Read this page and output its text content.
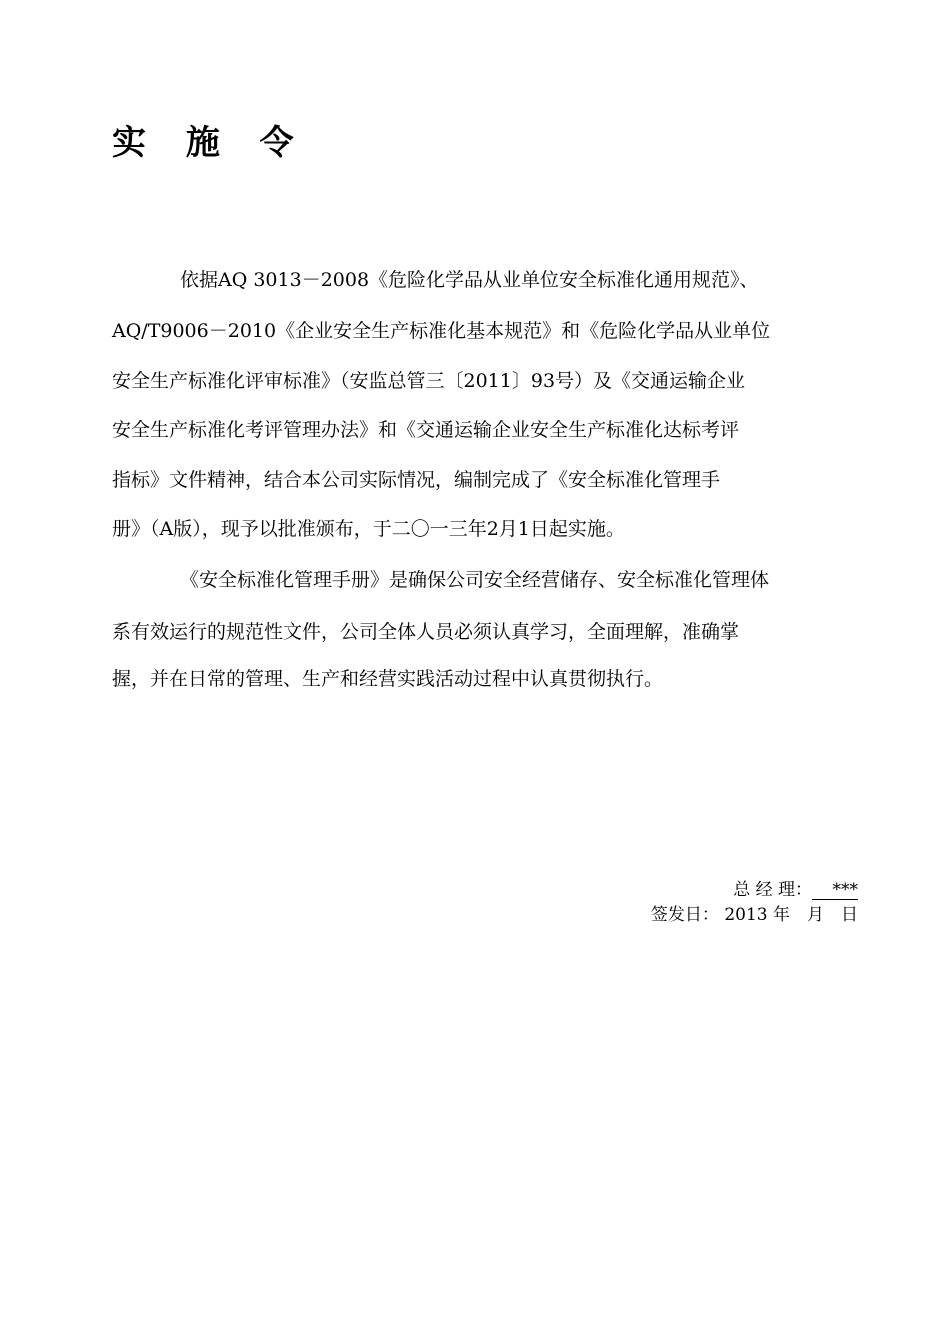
实 施 令
依据AQ 3013－2008《危险化学品从业单位安全标准化通用规范》、
AQ/T9006－2010《企业安全生产标准化基本规范》和《危险化学品从业单位
安全生产标准化评审标准》（安监总管三〔2011〕93号）及《交通运输企业
安全生产标准化考评管理办法》和《交通运输企业安全生产标准化达标考评
指标》文件精神，结合本公司实际情况，编制完成了《安全标准化管理手
册》（A版），现予以批准颁布，于二〇一三年2月1日起实施。
《安全标准化管理手册》是确保公司安全经营储存、安全标准化管理体
系有效运行的规范性文件，公司全体人员必须认真学习，全面理解，准确掌
握，并在日常的管理、生产和经营实践活动过程中认真贯彻执行。
总 经 理： ***
签发日： 2013 年　月　日
